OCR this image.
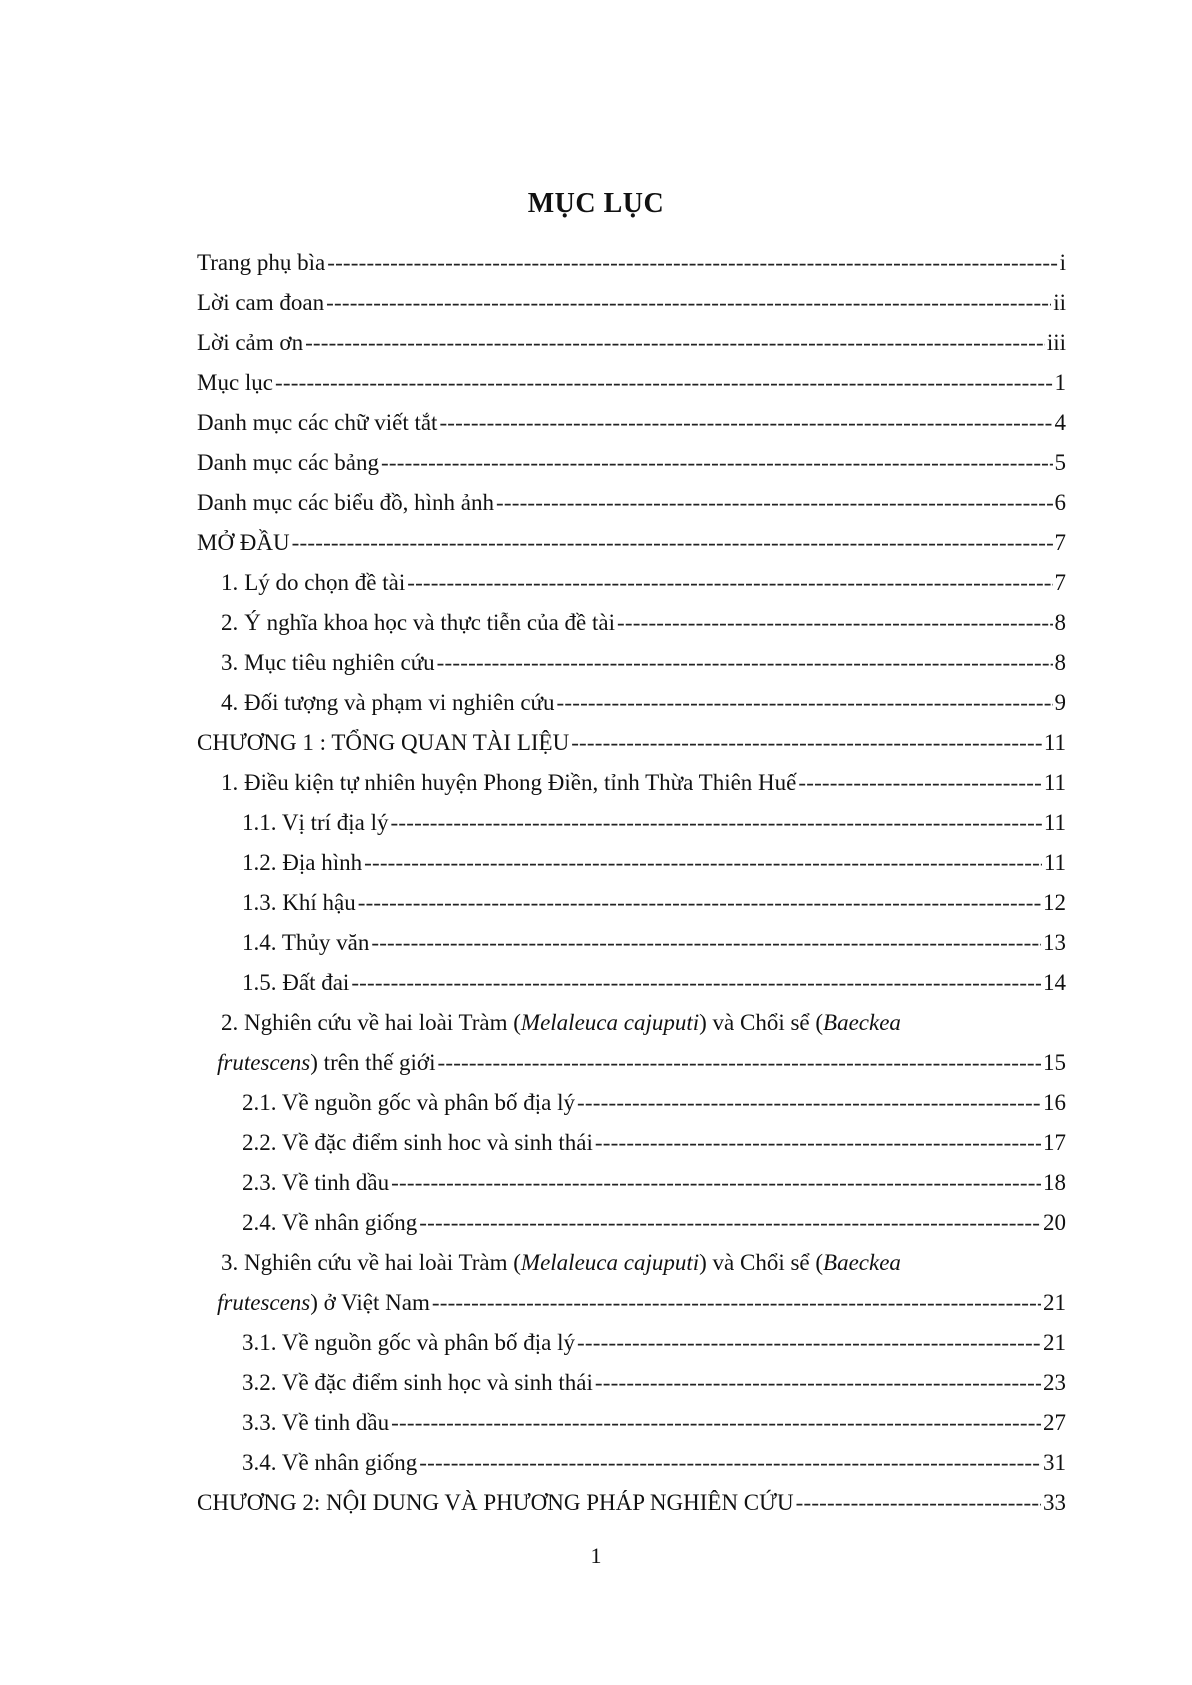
MỤC LỤC
Trang phụ bìa -----	i
Lời cam đoan -----	ii
Lời cảm ơn -----	iii
Mục lục -----	1
Danh mục các chữ viết tắt -----	4
Danh mục các bảng -----	5
Danh mục các biểu đồ, hình ảnh -----	6
MỞ ĐẦU -----	7
1. Lý do chọn đề tài -----	7
2. Ý nghĩa khoa học và thực tiễn của đề tài -----	8
3. Mục tiêu nghiên cứu -----	8
4. Đối tượng và phạm vi nghiên cứu -----	9
CHƯƠNG 1 : TỔNG QUAN TÀI LIỆU -----	11
1. Điều kiện tự nhiên huyện Phong Điền, tỉnh Thừa Thiên Huế -----	11
1.1. Vị trí địa lý -----	11
1.2. Địa hình -----	11
1.3. Khí hậu -----	12
1.4. Thủy văn -----	13
1.5. Đất đai -----	14
2. Nghiên cứu về hai loài Tràm (Melaleuca cajuputi) và Chổi sể (Baeckea
frutescens ) trên thế giới -----	15
2.1. Về nguồn gốc và phân bố địa lý -----	16
2.2. Về đặc điểm sinh hoc và sinh thái -----	17
2.3. Về tinh dầu -----	18
2.4. Về nhân giống -----	20
3. Nghiên cứu về hai loài Tràm (Melaleuca cajuputi) và Chổi sể (Baeckea
frutescens ) ở Việt Nam -----	21
3.1. Về nguồn gốc và phân bố địa lý -----	21
3.2. Về đặc điểm sinh học và sinh thái -----	23
3.3. Về tinh dầu -----	27
3.4. Về nhân giống -----	31
CHƯƠNG 2: NỘI DUNG VÀ PHƯƠNG PHÁP NGHIÊN CỨU -----	33
1
